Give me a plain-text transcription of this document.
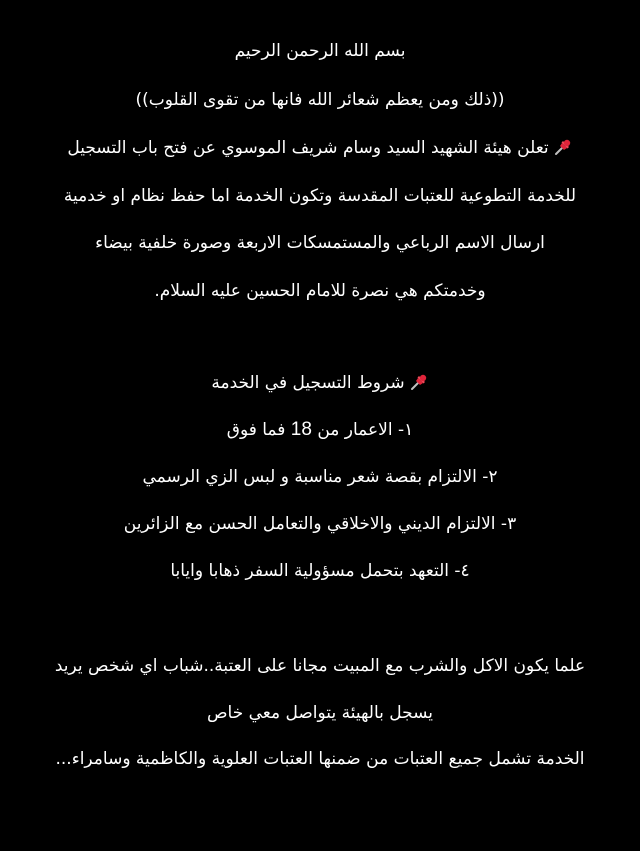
بسم الله الرحمن الرحيم
((ذلك ومن يعظم شعائر الله فانها من تقوى القلوب))
تعلن هيئة الشهيد السيد وسام شريف الموسوي عن فتح باب التسجيل
للخدمة التطوعية للعتبات المقدسة وتكون الخدمة اما حفظ نظام او خدمية
ارسال الاسم الرباعي والمستمسكات الاربعة وصورة خلفية بيضاء
وخدمتكم هي نصرة للامام الحسين عليه السلام.
شروط التسجيل في الخدمة
١- الاعمار من 18 فما فوق
٢- الالتزام بقصة شعر مناسبة و لبس الزي الرسمي
٣- الالتزام الديني والاخلاقي والتعامل الحسن مع الزائرين
٤- التعهد بتحمل مسؤولية السفر ذهابا وايابا
علما يكون الاكل والشرب مع المبيت مجانا على العتبة..شباب اي شخص يريد
يسجل بالهيئة يتواصل معي خاص
الخدمة تشمل جميع العتبات من ضمنها العتبات العلوية والكاظمية وسامراء...
